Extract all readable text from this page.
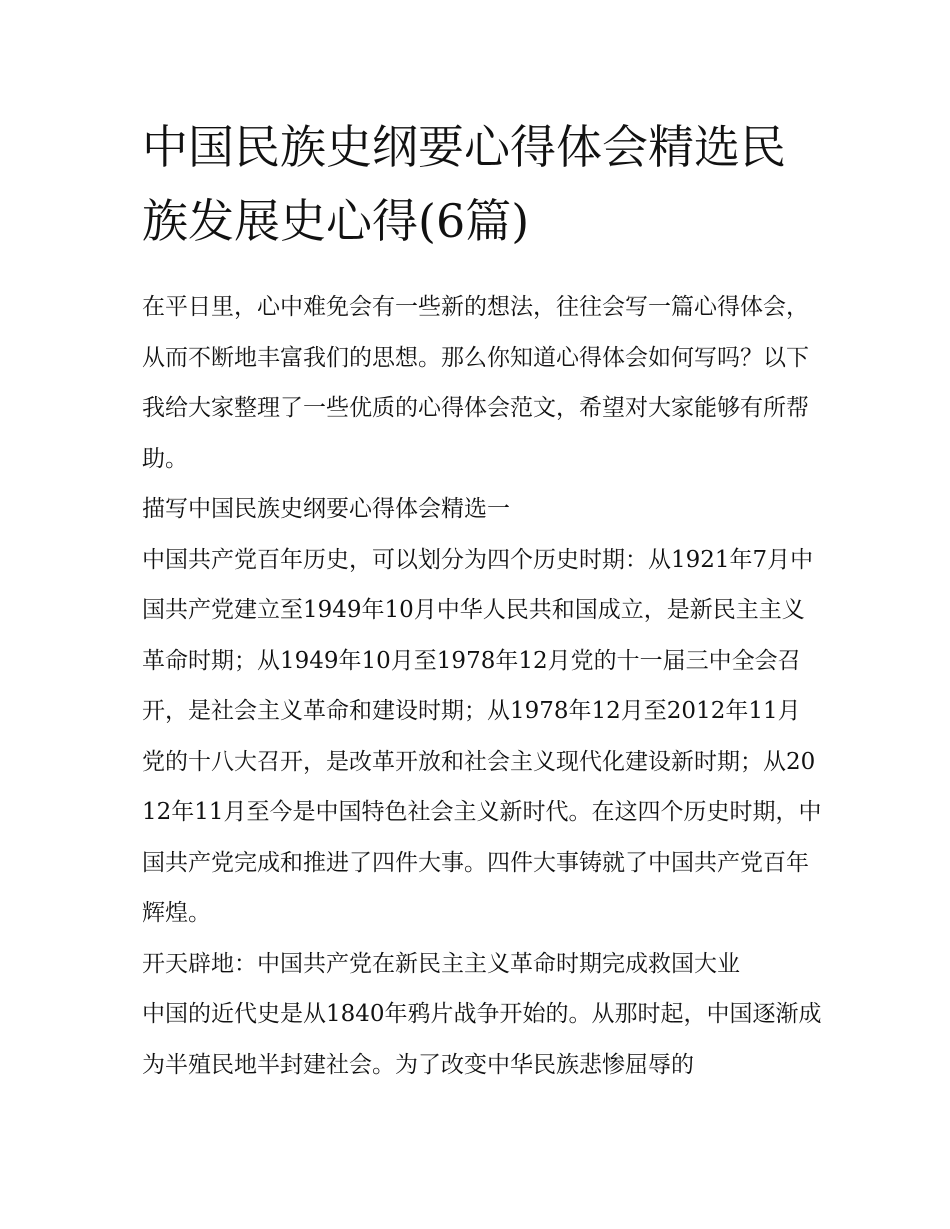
中国民族史纲要心得体会精选民族发展史心得(6篇)

在平日里，心中难免会有一些新的想法，往往会写一篇心得体会，从而不断地丰富我们的思想。那么你知道心得体会如何写吗？以下我给大家整理了一些优质的心得体会范文，希望对大家能够有所帮助。

描写中国民族史纲要心得体会精选一

中国共产党百年历史，可以划分为四个历史时期：从1921年7月中国共产党建立至1949年10月中华人民共和国成立，是新民主主义革命时期；从1949年10月至1978年12月党的十一届三中全会召开，是社会主义革命和建设时期；从1978年12月至2012年11月党的十八大召开，是改革开放和社会主义现代化建设新时期；从2012年11月至今是中国特色社会主义新时代。在这四个历史时期，中国共产党完成和推进了四件大事。四件大事铸就了中国共产党百年辉煌。

开天辟地：中国共产党在新民主主义革命时期完成救国大业

中国的近代史是从1840年鸦片战争开始的。从那时起，中国逐渐成为半殖民地半封建社会。为了改变中华民族悲惨屈辱的
